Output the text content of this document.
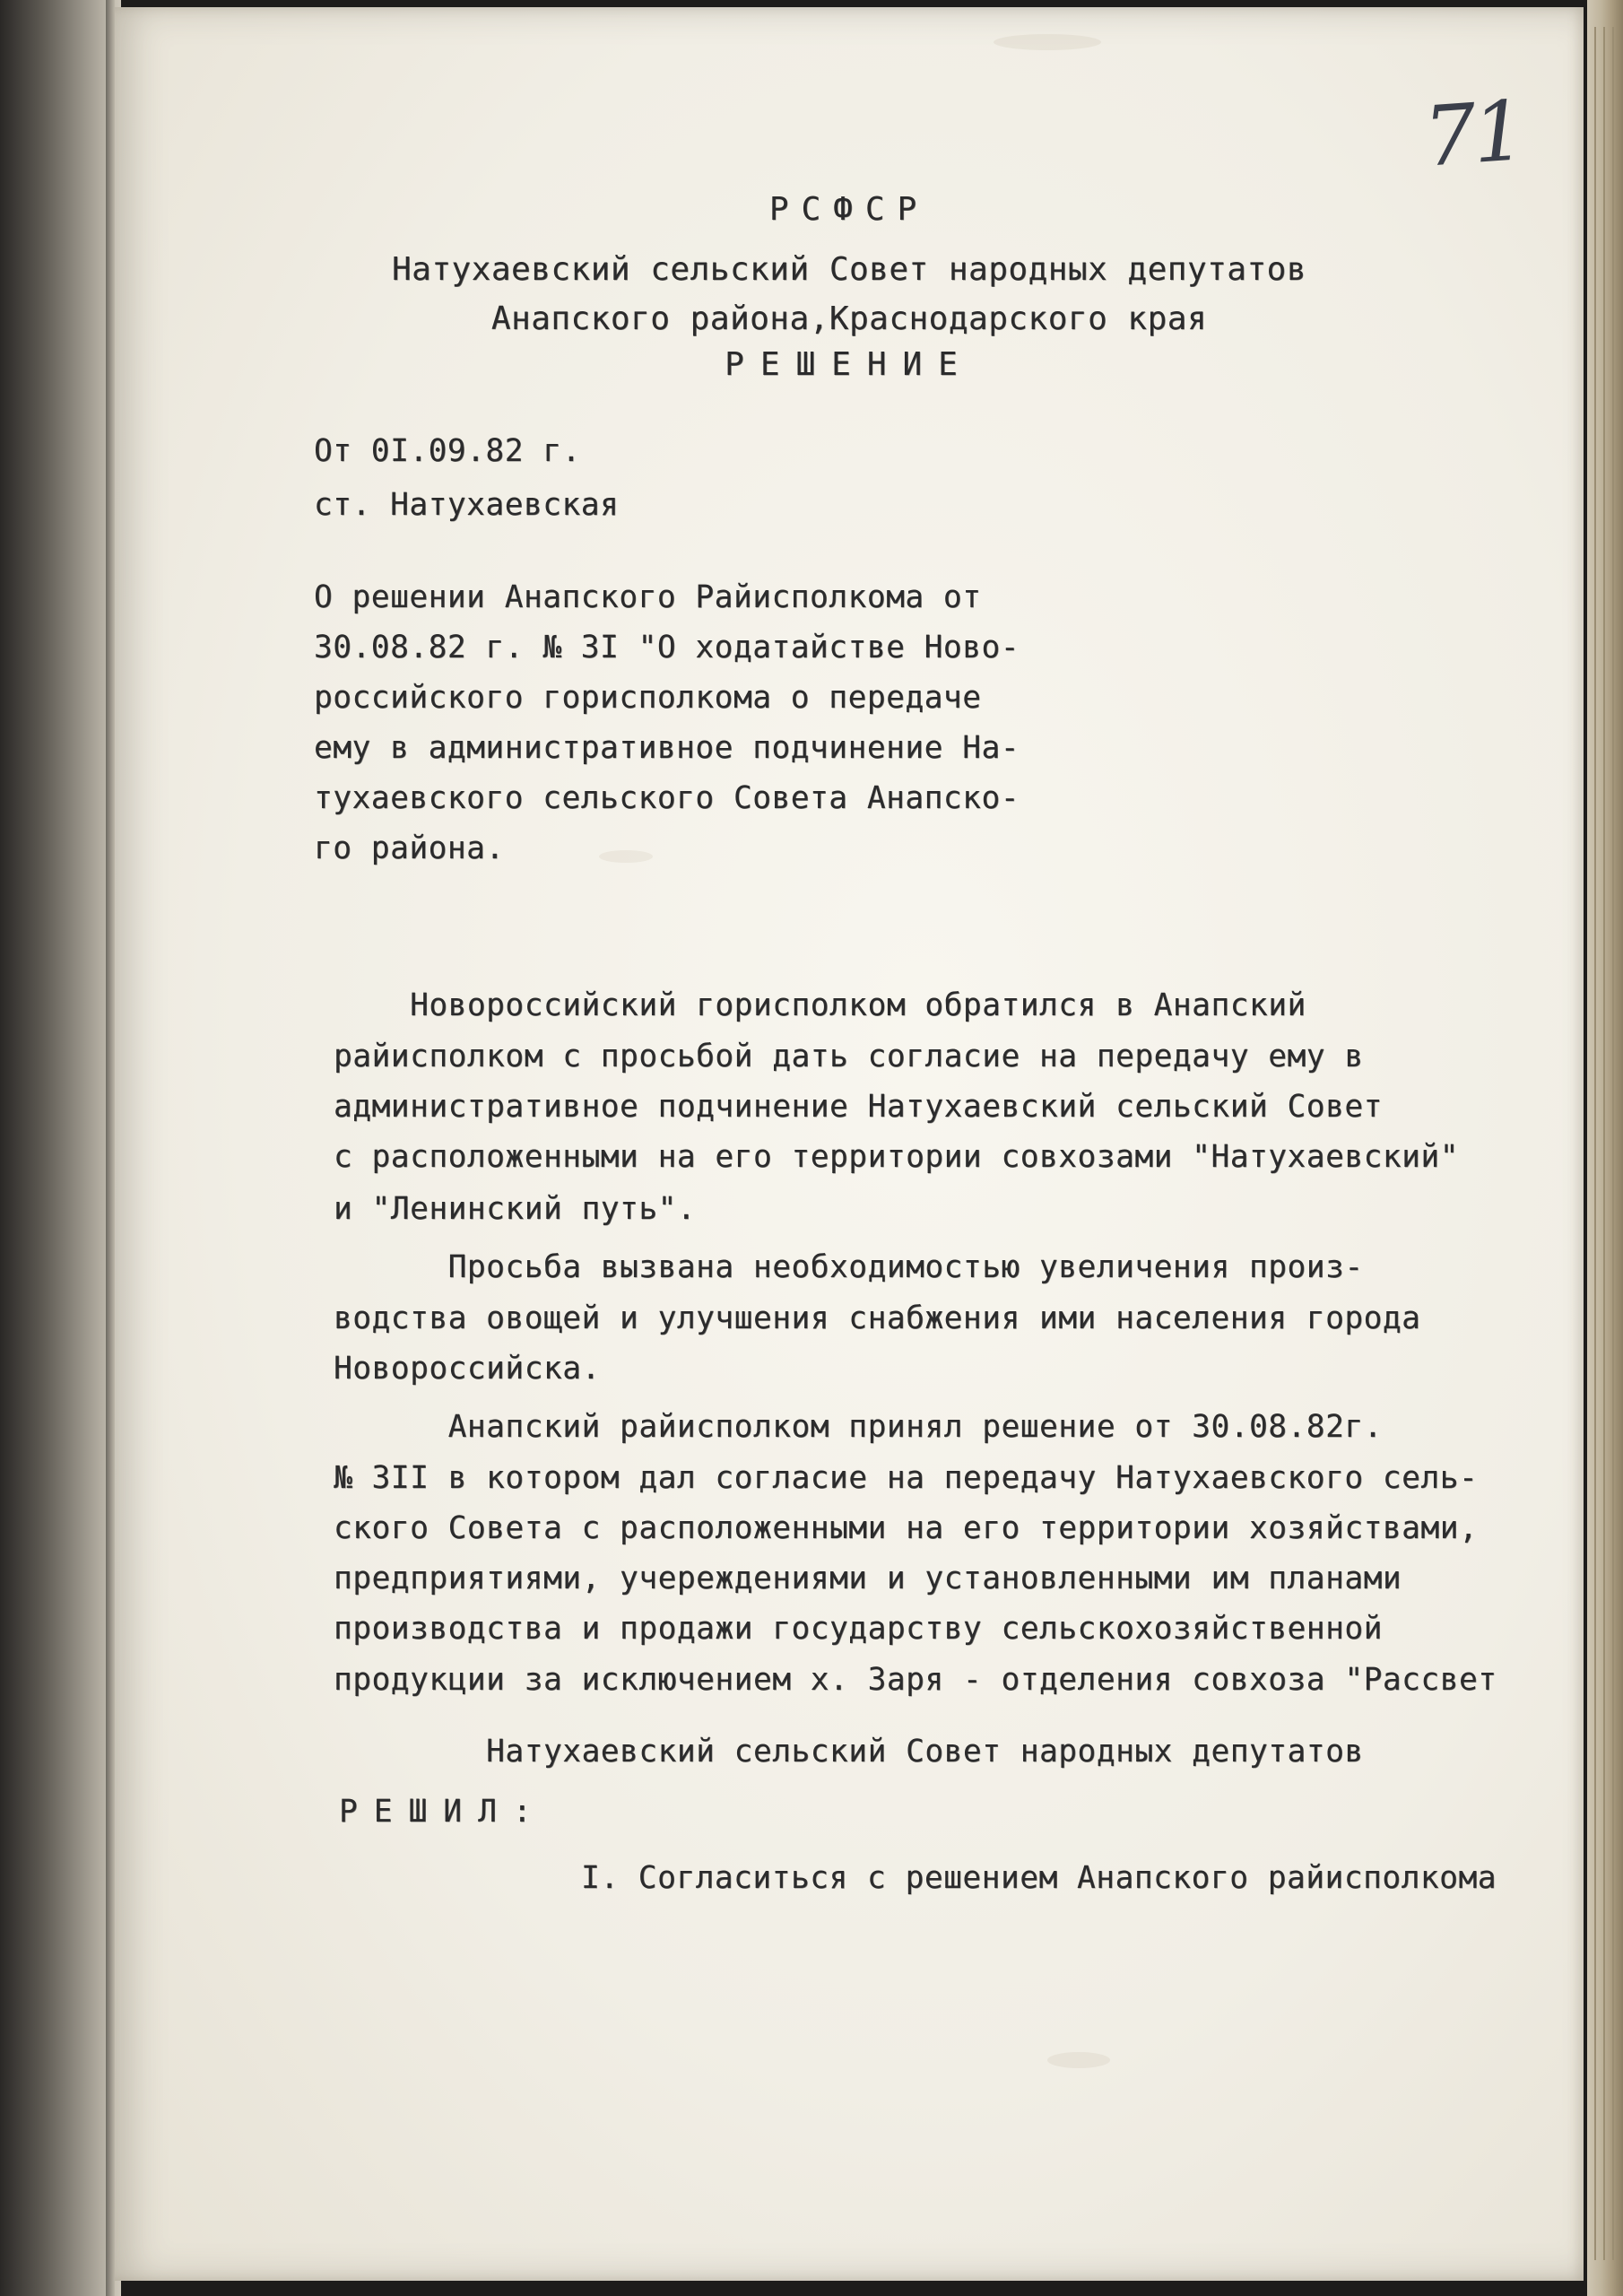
71
РСФСР
Натухаевский сельский Совет народных депутатов
Анапского района,Краснодарского края
РЕШЕНИЕ
От 0I.09.82 г.
ст. Натухаевская
О решении Анапского Райисполкома от
30.08.82 г. № 3I "О ходатайстве Ново-
российского горисполкома о передаче
ему в административное подчинение На-
тухаевского сельского Совета Анапско-
го района.
Новороссийский горисполком обратился в Анапский
райисполком с просьбой дать согласие на передачу ему в
административное подчинение Натухаевский сельский Совет
с расположенными на его территории совхозами "Натухаевский"
и "Ленинский путь".
Просьба вызвана необходимостью увеличения произ-
водства овощей и улучшения снабжения ими населения города
Новороссийска.
Анапский райисполком принял решение от 30.08.82г.
№ 3II в котором дал согласие на передачу Натухаевского сель-
ского Совета с расположенными на его территории хозяйствами,
предприятиями, учереждениями и установленными им планами
производства и продажи государству сельскохозяйственной
продукции за исключением х. Заря - отделения совхоза "Рассвет
Натухаевский сельский Совет народных депутатов
РЕШИЛ:
I. Согласиться с решением Анапского райисполкома
